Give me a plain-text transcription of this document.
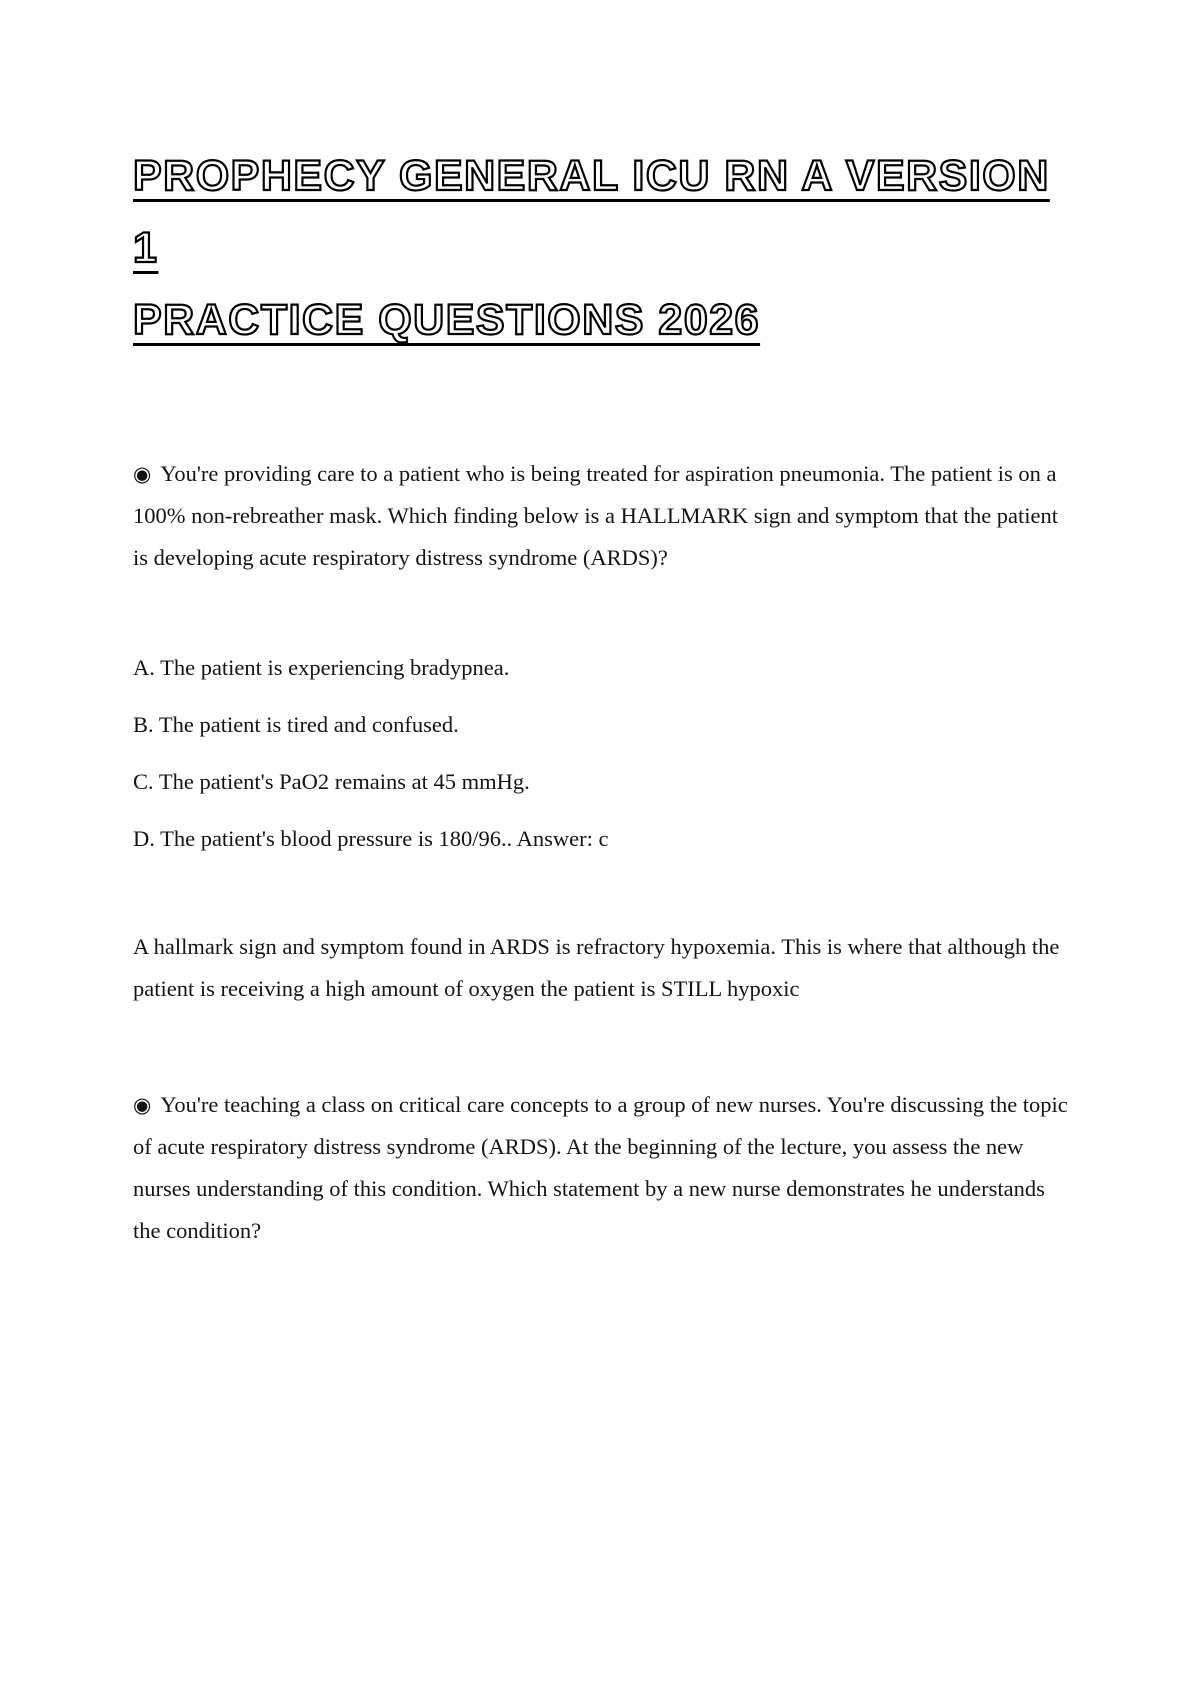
PROPHECY GENERAL ICU RN A VERSION 1
PRACTICE QUESTIONS 2026

◉ You're providing care to a patient who is being treated for aspiration pneumonia. The patient is on a 100% non-rebreather mask. Which finding below is a HALLMARK sign and symptom that the patient is developing acute respiratory distress syndrome (ARDS)?

A. The patient is experiencing bradypnea.

B. The patient is tired and confused.

C. The patient's PaO2 remains at 45 mmHg.

D. The patient's blood pressure is 180/96.. Answer: c

A hallmark sign and symptom found in ARDS is refractory hypoxemia. This is where that although the patient is receiving a high amount of oxygen the patient is STILL hypoxic

◉ You're teaching a class on critical care concepts to a group of new nurses. You're discussing the topic of acute respiratory distress syndrome (ARDS). At the beginning of the lecture, you assess the new nurses understanding of this condition. Which statement by a new nurse demonstrates he understands the condition?
